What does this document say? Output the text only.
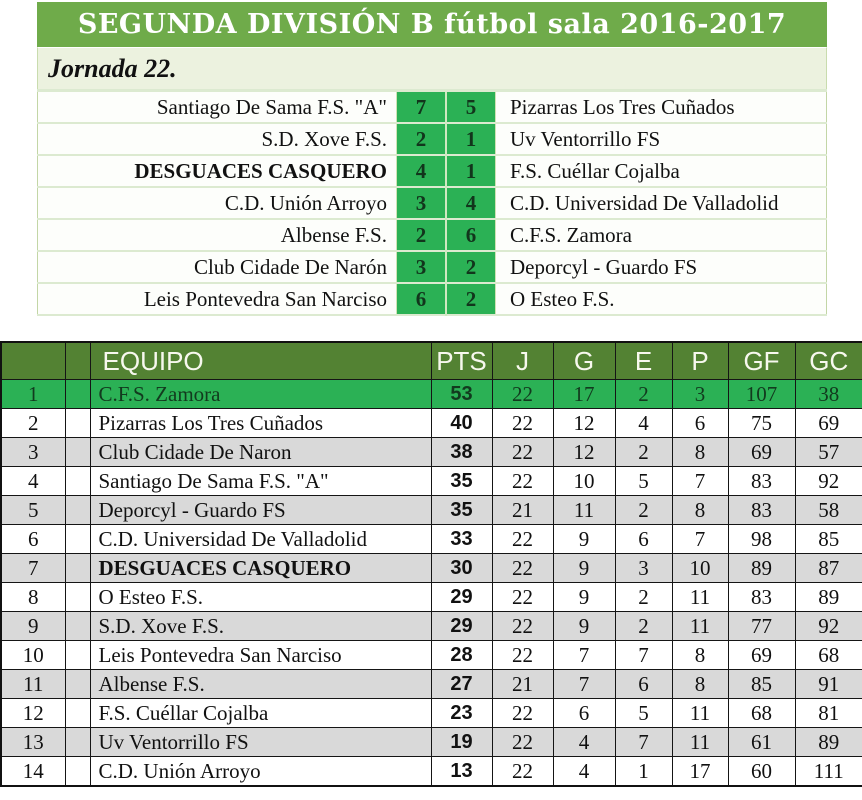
SEGUNDA DIVISIÓN B fútbol sala 2016-2017
Jornada 22.
Santiago De Sama F.S. "A"	7	5	Pizarras Los Tres Cuñados
S.D. Xove F.S.	2	1	Uv Ventorrillo FS
DESGUACES CASQUERO	4	1	F.S. Cuéllar Cojalba
C.D. Unión Arroyo	3	4	C.D. Universidad De Valladolid
Albense F.S.	2	6	C.F.S. Zamora
Club Cidade De Narón	3	2	Deporcyl - Guardo FS
Leis Pontevedra San Narciso	6	2	O Esteo F.S.
		EQUIPO	PTS	J	G	E	P	GF	GC
1		C.F.S. Zamora	53	22	17	2	3	107	38
2		Pizarras Los Tres Cuñados	40	22	12	4	6	75	69
3		Club Cidade De Naron	38	22	12	2	8	69	57
4		Santiago De Sama F.S. "A"	35	22	10	5	7	83	92
5		Deporcyl - Guardo FS	35	21	11	2	8	83	58
6		C.D. Universidad De Valladolid	33	22	9	6	7	98	85
7		DESGUACES CASQUERO	30	22	9	3	10	89	87
8		O Esteo F.S.	29	22	9	2	11	83	89
9		S.D. Xove F.S.	29	22	9	2	11	77	92
10		Leis Pontevedra San Narciso	28	22	7	7	8	69	68
11		Albense F.S.	27	21	7	6	8	85	91
12		F.S. Cuéllar Cojalba	23	22	6	5	11	68	81
13		Uv Ventorrillo FS	19	22	4	7	11	61	89
14		C.D. Unión Arroyo	13	22	4	1	17	60	111
